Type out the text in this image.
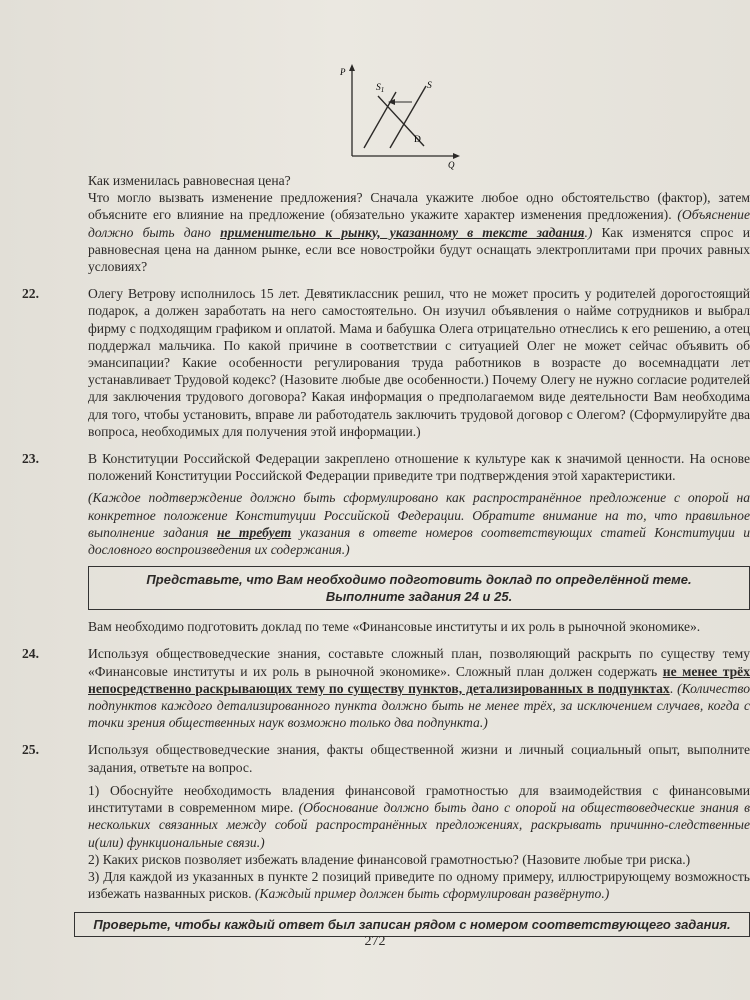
P
Q
$S_1$	S
D

Как изменилась равновесная цена?

Что могло вызвать изменение предложения? Сначала укажите любое одно обстоятельство (фактор), затем объясните его влияние на предложение (обязательно укажите характер изменения предложения). (Объяснение должно быть дано применительно к рынку, указанному в тексте задания.) Как изменятся спрос и равновесная цена на данном рынке, если все новостройки будут оснащать электроплитами при прочих равных условиях?

22.	Олегу Ветрову исполнилось 15 лет. Девятиклассник решил, что не может просить у родителей дорогостоящий подарок, а должен заработать на него самостоятельно. Он изучил объявления о найме сотрудников и выбрал фирму с подходящим графиком и оплатой. Мама и бабушка Олега отрицательно отнеслись к его решению, а отец поддержал мальчика. По какой причине в соответствии с ситуацией Олег не может сейчас объявить об эмансипации? Какие особенности регулирования труда работников в возрасте до восемнадцати лет устанавливает Трудовой кодекс? (Назовите любые две особенности.) Почему Олегу не нужно согласие родителей для заключения трудового договора? Какая информация о предполагаемом виде деятельности Вам необходима для того, чтобы установить, вправе ли работодатель заключить трудовой договор с Олегом? (Сформулируйте два вопроса, необходимых для получения этой информации.)

23.	В Конституции Российской Федерации закреплено отношение к культуре как к значимой ценности. На основе положений Конституции Российской Федерации приведите три подтверждения этой характеристики.

(Каждое подтверждение должно быть сформулировано как распространённое предложение с опорой на конкретное положение Конституции Российской Федерации. Обратите внимание на то, что правильное выполнение задания не требует указания в ответе номеров соответствующих статей Конституции и дословного воспроизведения их содержания.)

Представьте, что Вам необходимо подготовить доклад по определённой теме.
Выполните задания 24 и 25.

Вам необходимо подготовить доклад по теме «Финансовые институты и их роль в рыночной экономике».

24.	Используя обществоведческие знания, составьте сложный план, позволяющий раскрыть по существу тему «Финансовые институты и их роль в рыночной экономике». Сложный план должен содержать не менее трёх непосредственно раскрывающих тему по существу пунктов, детализированных в подпунктах. (Количество подпунктов каждого детализированного пункта должно быть не менее трёх, за исключением случаев, когда с точки зрения общественных наук возможно только два подпункта.)

25.	Используя обществоведческие знания, факты общественной жизни и личный социальный опыт, выполните задания, ответьте на вопрос.

1) Обоснуйте необходимость владения финансовой грамотностью для взаимодействия с финансовыми институтами в современном мире. (Обоснование должно быть дано с опорой на обществоведческие знания в нескольких связанных между собой распространённых предложениях, раскрывать причинно-следственные и(или) функциональные связи.)

2) Каких рисков позволяет избежать владение финансовой грамотностью? (Назовите любые три риска.)

3) Для каждой из указанных в пункте 2 позиций приведите по одному примеру, иллюстрирующему возможность избежать названных рисков. (Каждый пример должен быть сформулирован развёрнуто.)

Проверьте, чтобы каждый ответ был записан рядом с номером соответствующего задания.
272
